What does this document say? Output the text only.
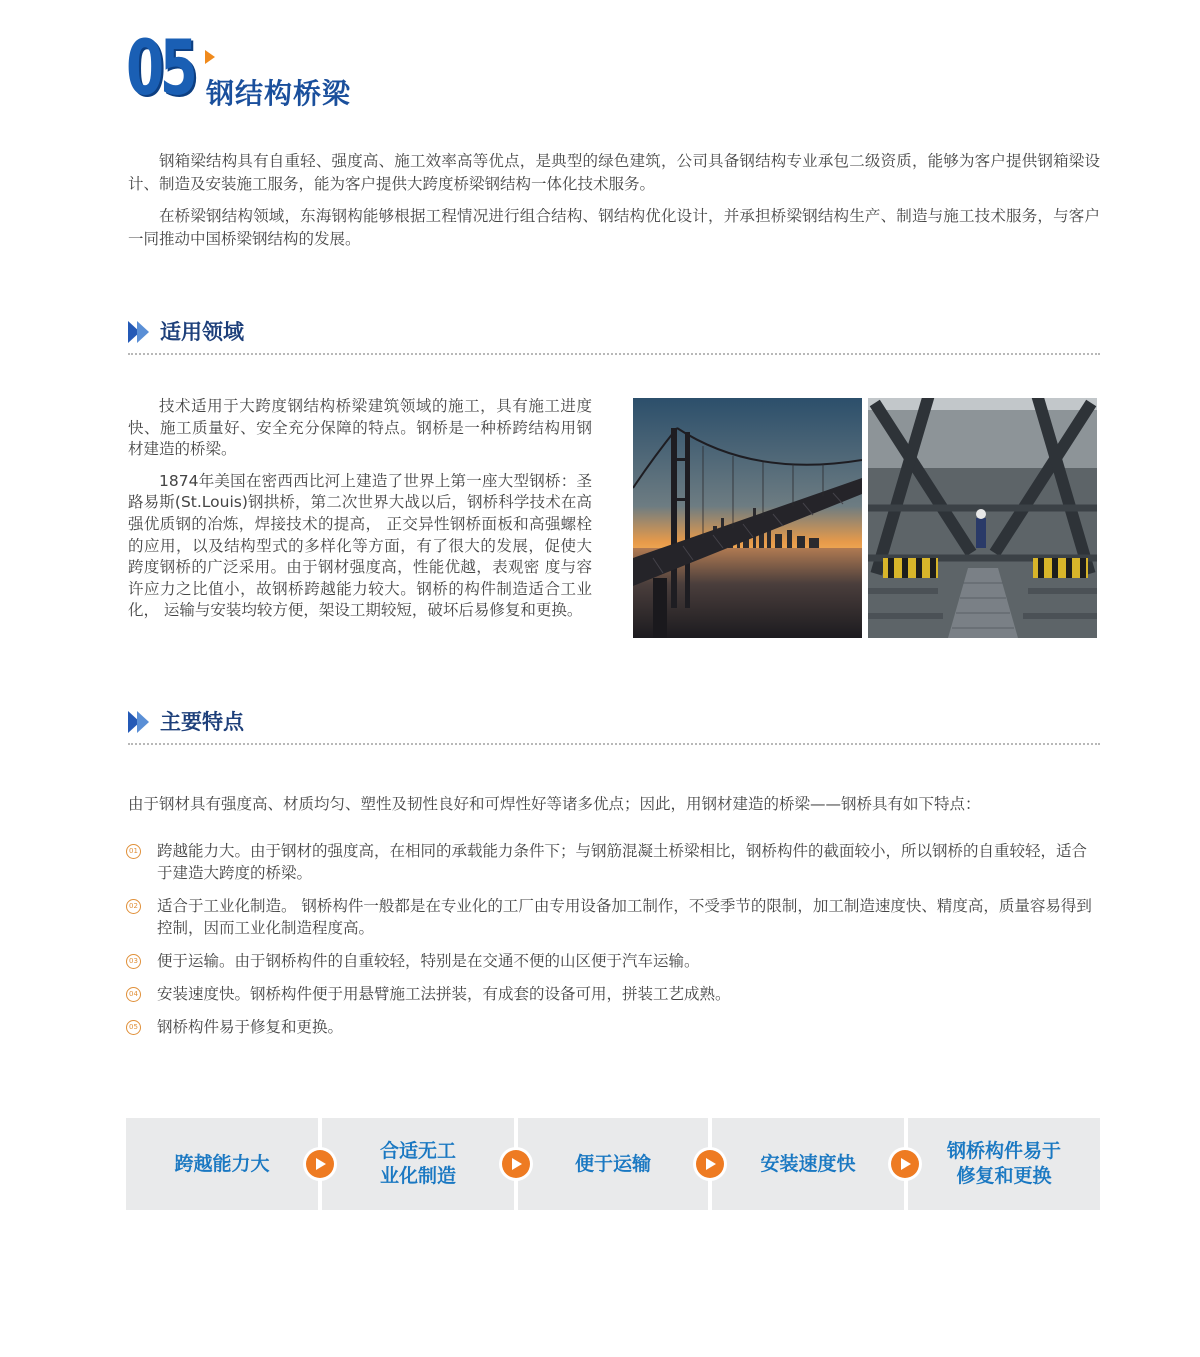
05 钢结构桥梁

钢箱梁结构具有自重轻、强度高、施工效率高等优点，是典型的绿色建筑，公司具备钢结构专业承包二级资质，能够为客户提供钢箱梁设计、制造及安装施工服务，能为客户提供大跨度桥梁钢结构一体化技术服务。

在桥梁钢结构领域，东海钢构能够根据工程情况进行组合结构、钢结构优化设计，并承担桥梁钢结构生产、制造与施工技术服务，与客户一同推动中国桥梁钢结构的发展。

适用领域

技术适用于大跨度钢结构桥梁建筑领域的施工，具有施工进度快、施工质量好、安全充分保障的特点。钢桥是一种桥跨结构用钢材建造的桥梁。

1874年美国在密西西比河上建造了世界上第一座大型钢桥：圣路易斯(St.Louis)钢拱桥，第二次世界大战以后，钢桥科学技术在高强优质钢的冶炼，焊接技术的提高， 正交异性钢桥面板和高强螺栓的应用，以及结构型式的多样化等方面，有了很大的发展，促使大跨度钢桥的广泛采用。由于钢材强度高，性能优越，表观密 度与容许应力之比值小，故钢桥跨越能力较大。钢桥的构件制造适合工业化， 运输与安装均较方便，架设工期较短，破坏后易修复和更换。

主要特点
由于钢材具有强度高、材质均匀、塑性及韧性良好和可焊性好等诸多优点；因此，用钢材建造的桥梁——钢桥具有如下特点：
01 跨越能力大。由于钢材的强度高，在相同的承载能力条件下；与钢筋混凝土桥梁相比，钢桥构件的截面较小，所以钢桥的自重较轻，适合于建造大跨度的桥梁。
02 适合于工业化制造。 钢桥构件一般都是在专业化的工厂由专用设备加工制作，不受季节的限制，加工制造速度快、精度高，质量容易得到控制，因而工业化制造程度高。
03 便于运输。由于钢桥构件的自重较轻，特别是在交通不便的山区便于汽车运输。
04 安装速度快。钢桥构件便于用悬臂施工法拼装，有成套的设备可用，拼装工艺成熟。
05 钢桥构件易于修复和更换。
跨越能力大

合适无工
业化制造
便于运输	安装速度快

钢桥构件易于
修复和更换
